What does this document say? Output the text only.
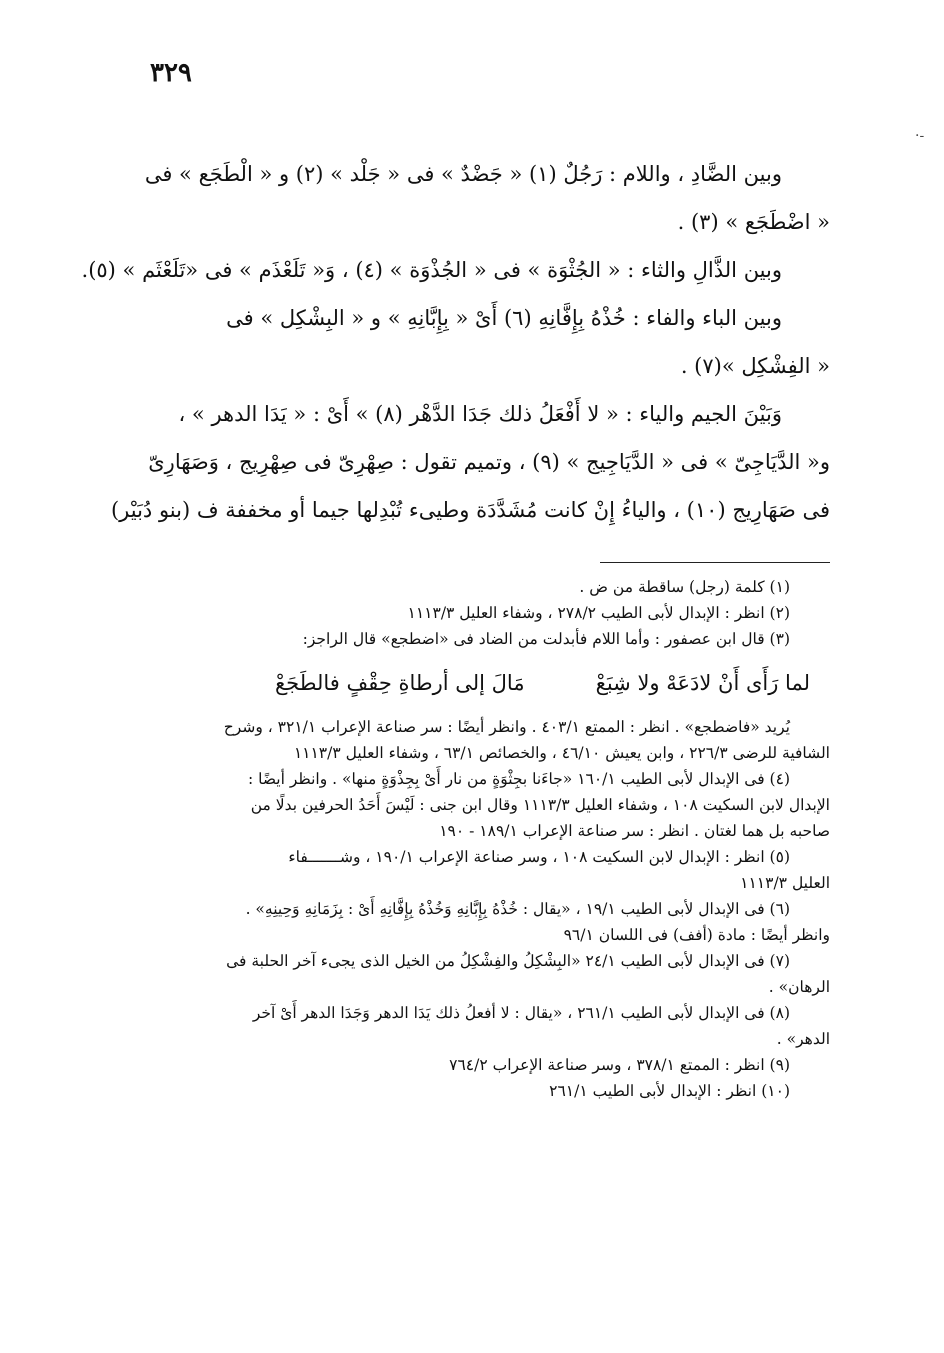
٣٢٩
·-
وبين الضَّادِ ، واللام : رَجُلٌ (١) « جَضْدٌ » فى « جَلْد » (٢) و « الْطَجَع » فى
« اضْطَجَع » (٣) .
وبين الذَّالِ والثاء : « الجُثْوَة » فى « الجُذْوَة » (٤) ، وَ« تَلَعْذَم » فى «تَلَعْثَم » (٥).
وبين الباء والفاء : خُذْهُ بِإِفَّانِهِ (٦) أَىْ « بِإِبَّانِهِ » و « البِشْكِل » فى
« الفِشْكِل »(٧) .
وَبَيْنَ الجيم والياء : « لا أَفْعَلُ ذلك جَدَا الدَّهْر (٨) » أَىْ : « يَدَا الدهر » ،
و« الدَّيَاجِىّ » فى « الدَّيَاجِيج » (٩) ، وتميم تقول : صِهْرِىّ فى صِهْرِيج ، وَصَهَارِىّ
فى صَهَارِيج (١٠) ، والياءُ إِنْ كانت مُشَدَّدَة وطيىء تُبْدِلها جيما أو مخففة ف (بنو دُبَيْر)
(١) كلمة (رجل) ساقطة من ض .
(٢) انظر : الإبدال لأبى الطيب ٢٧٨/٢ ، وشفاء العليل ١١١٣/٣
(٣) قال ابن عصفور : وأما اللام فأبدلت من الضاد فى «اضطجع» قال الراجز:
لما رَأَى أَنْ لادَعَهْ ولا شِبَعْ
مَالَ إلى أرطاةِ حِقْفٍ فالطَجَعْ
يُريد «فاضطجع» . انظر : الممتع ٤٠٣/١ . وانظر أيضًا : سر صناعة الإعراب ٣٢١/١ ، وشرح
الشافية للرضى ٢٢٦/٣ ، وابن يعيش ٤٦/١٠ ، والخصائص ٦٣/١ ، وشفاء العليل ١١١٣/٣
(٤) فى الإبدال لأبى الطيب ١٦٠/١ «جاءَنا بجِثْوَةٍ من نار أَىْ بِجِذْوَةٍ منها» . وانظر أيضًا :
الإبدال لابن السكيت ١٠٨ ، وشفاء العليل ١١١٣/٣ وقال ابن جنى : لَيْسَ أَحَدُ الحرفين بدلًا من
صاحبه بل هما لغتان . انظر : سر صناعة الإعراب ١٨٩/١ - ١٩٠
(٥) انظر : الإبدال لابن السكيت ١٠٨ ، وسر صناعة الإعراب ١٩٠/١ ، وشـــــــفاء
العليل ١١١٣/٣
(٦) فى الإبدال لأبى الطيب ١٩/١ ، «يقال : خُذْهُ بِإِبَّانِهِ وَخُذْهُ بِإِفَّانِهِ أَىْ : بِزَمَانِهِ وَحِينِهِ» .
وانظر أيضًا : مادة (أفف) فى اللسان ٩٦/١
(٧) فى الإبدال لأبى الطيب ٢٤/١ «البِشْكِلُ والفِشْكِلُ من الخيل الذى يجىء آخر الحلبة فى
الرهان» .
(٨) فى الإبدال لأبى الطيب ٢٦١/١ ، «يقال : لا أفعلُ ذلك يَدَا الدهر وَجَدَا الدهر أَىْ آخر
الدهر» .
(٩) انظر : الممتع ٣٧٨/١ ، وسر صناعة الإعراب ٧٦٤/٢
(١٠) انظر : الإبدال لأبى الطيب ٢٦١/١
